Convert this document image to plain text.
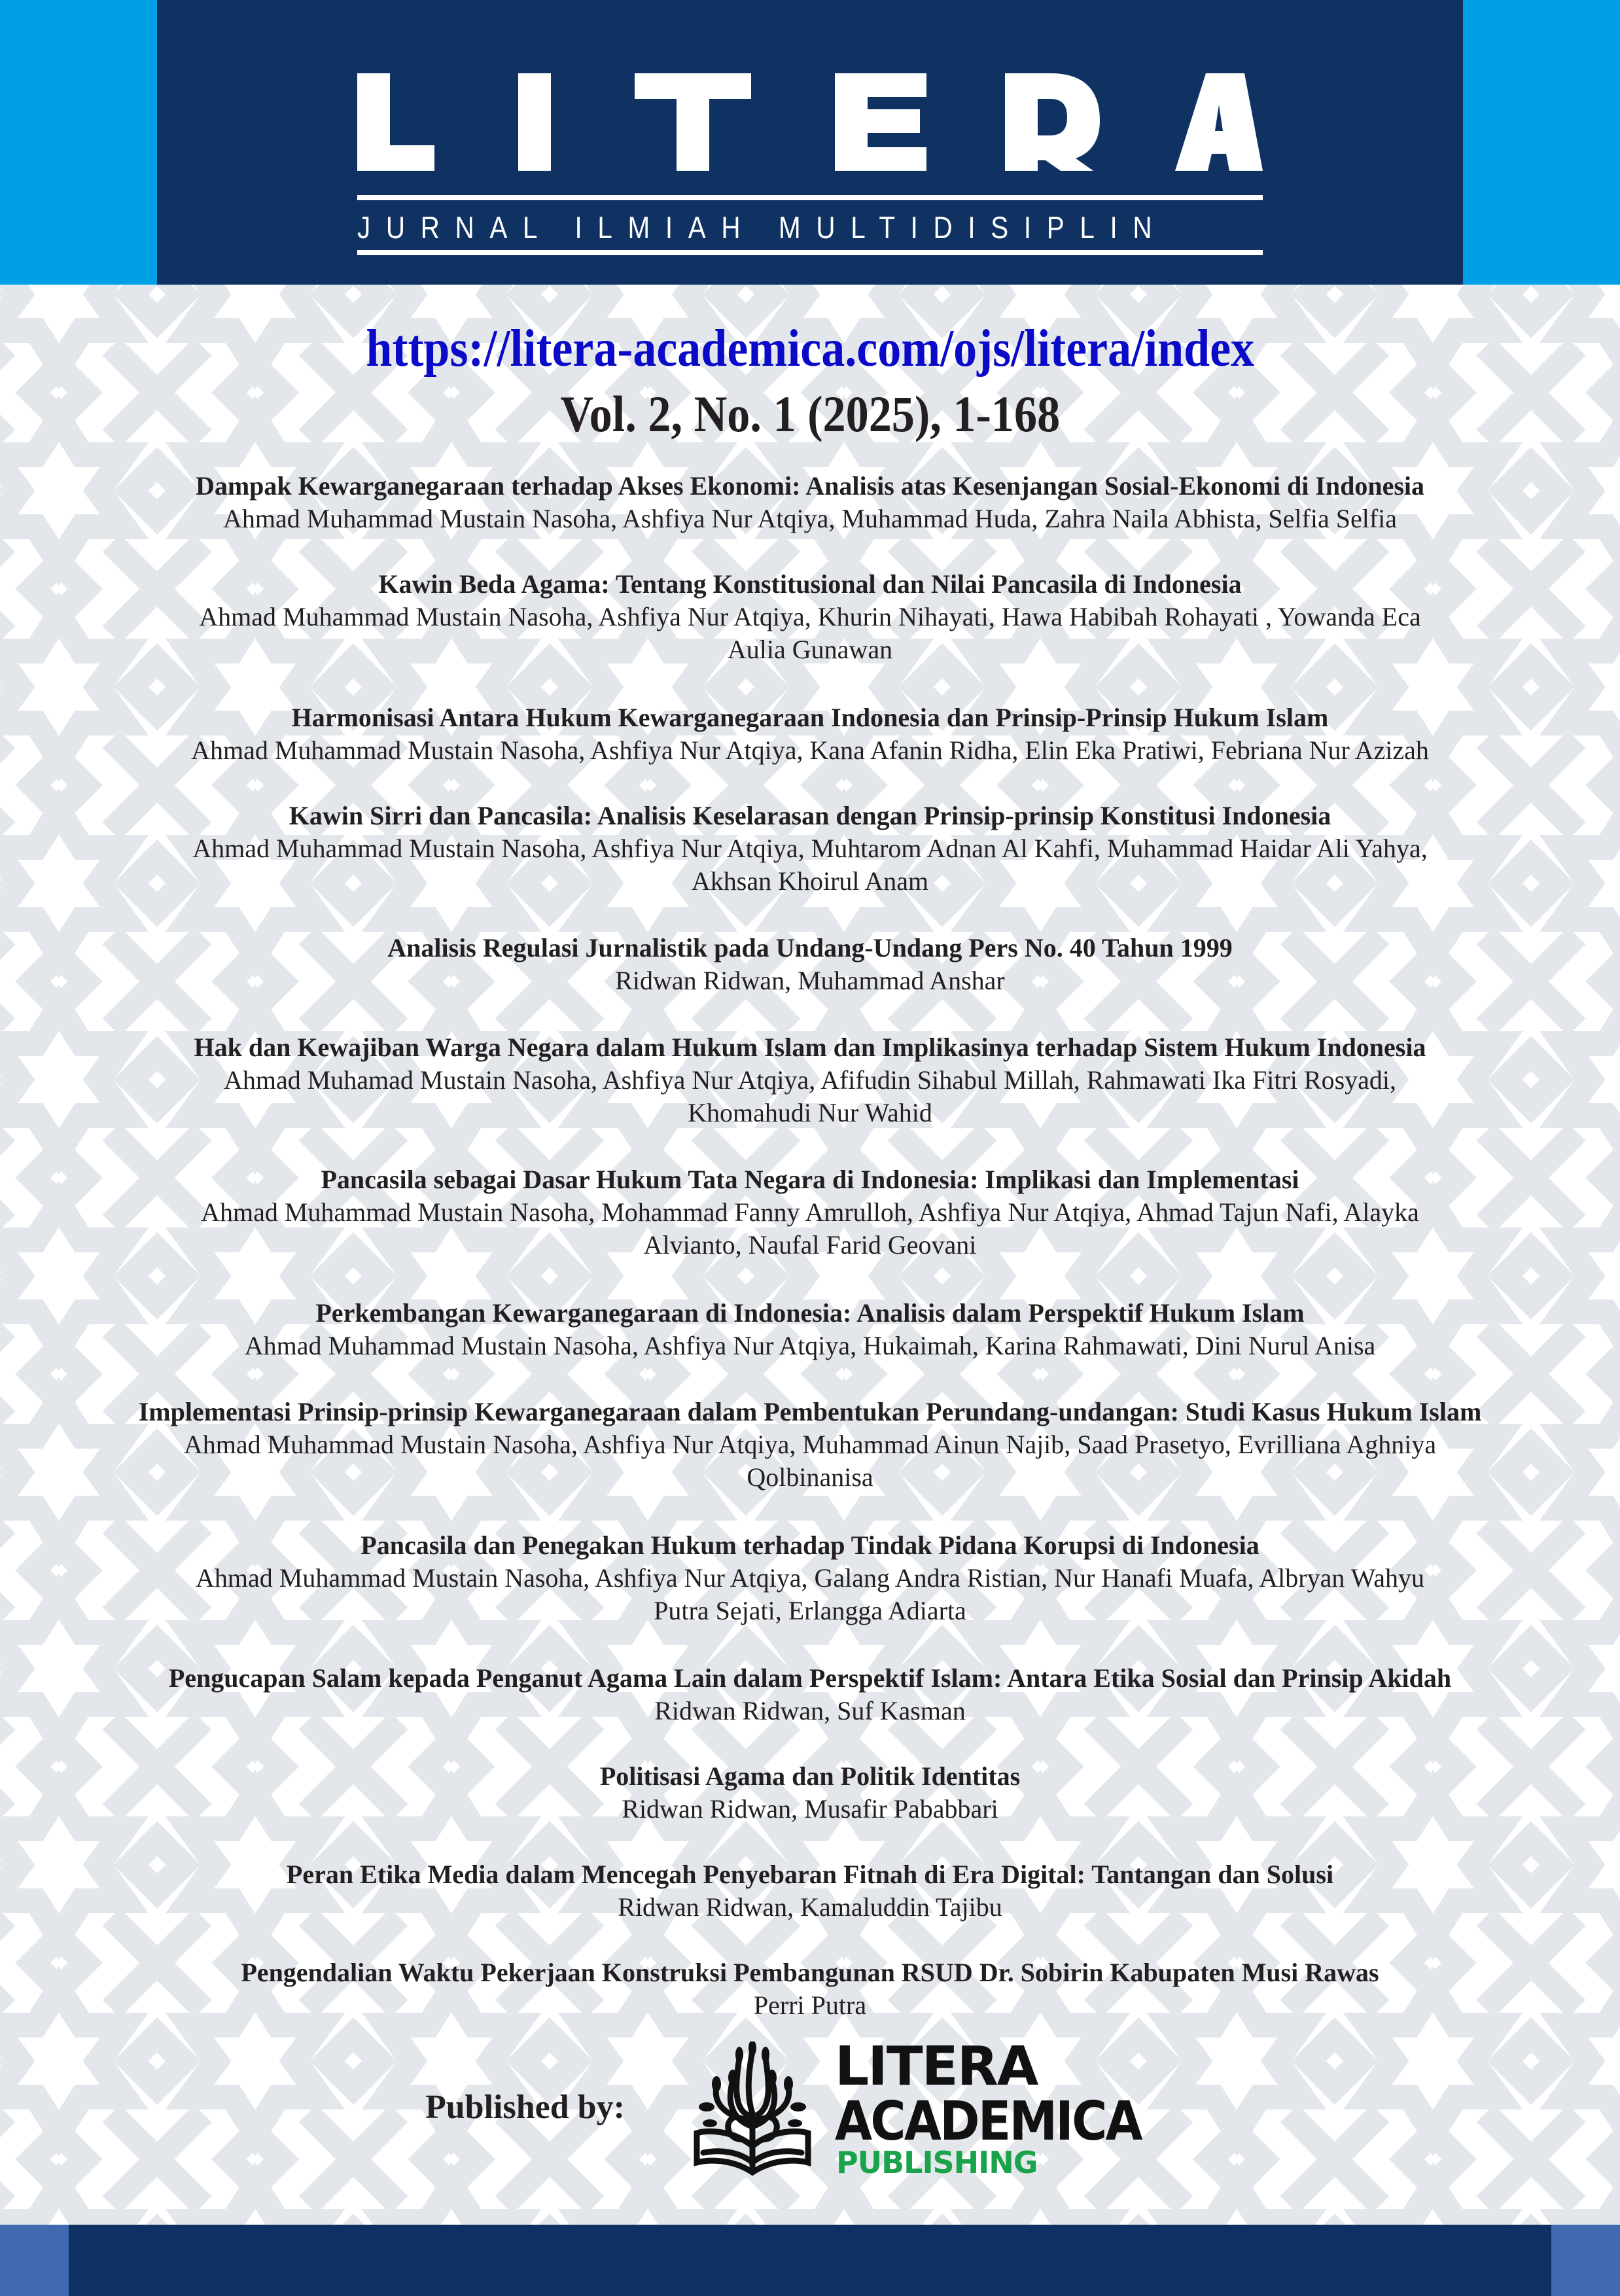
JURNAL ILMIAH MULTIDISIPLIN
https://litera-academica.com/ojs/litera/index
Vol. 2, No. 1 (2025), 1-168
Dampak Kewarganegaraan terhadap Akses Ekonomi: Analisis atas Kesenjangan Sosial-Ekonomi di Indonesia
Ahmad Muhammad Mustain Nasoha, Ashfiya Nur Atqiya, Muhammad Huda, Zahra Naila Abhista, Selfia Selfia
Kawin Beda Agama: Tentang Konstitusional dan Nilai Pancasila di Indonesia
Ahmad Muhammad Mustain Nasoha, Ashfiya Nur Atqiya, Khurin Nihayati, Hawa Habibah Rohayati , Yowanda Eca
Aulia Gunawan
Harmonisasi Antara Hukum Kewarganegaraan Indonesia dan Prinsip-Prinsip Hukum Islam
Ahmad Muhammad Mustain Nasoha, Ashfiya Nur Atqiya, Kana Afanin Ridha, Elin Eka Pratiwi, Febriana Nur Azizah
Kawin Sirri dan Pancasila: Analisis Keselarasan dengan Prinsip-prinsip Konstitusi Indonesia
Ahmad Muhammad Mustain Nasoha, Ashfiya Nur Atqiya, Muhtarom Adnan Al Kahfi, Muhammad Haidar Ali Yahya,
Akhsan Khoirul Anam
Analisis Regulasi Jurnalistik pada Undang-Undang Pers No. 40 Tahun 1999
Ridwan Ridwan, Muhammad Anshar
Hak dan Kewajiban Warga Negara dalam Hukum Islam dan Implikasinya terhadap Sistem Hukum Indonesia
Ahmad Muhamad Mustain Nasoha, Ashfiya Nur Atqiya, Afifudin Sihabul Millah, Rahmawati Ika Fitri Rosyadi,
Khomahudi Nur Wahid
Pancasila sebagai Dasar Hukum Tata Negara di Indonesia: Implikasi dan Implementasi
Ahmad Muhammad Mustain Nasoha, Mohammad Fanny Amrulloh, Ashfiya Nur Atqiya, Ahmad Tajun Nafi, Alayka
Alvianto, Naufal Farid Geovani
Perkembangan Kewarganegaraan di Indonesia: Analisis dalam Perspektif Hukum Islam
Ahmad Muhammad Mustain Nasoha, Ashfiya Nur Atqiya, Hukaimah, Karina Rahmawati, Dini Nurul Anisa
Implementasi Prinsip-prinsip Kewarganegaraan dalam Pembentukan Perundang-undangan: Studi Kasus Hukum Islam
Ahmad Muhammad Mustain Nasoha, Ashfiya Nur Atqiya, Muhammad Ainun Najib, Saad Prasetyo, Evrilliana Aghniya
Qolbinanisa
Pancasila dan Penegakan Hukum terhadap Tindak Pidana Korupsi di Indonesia
Ahmad Muhammad Mustain Nasoha, Ashfiya Nur Atqiya, Galang Andra Ristian, Nur Hanafi Muafa, Albryan Wahyu
Putra Sejati, Erlangga Adiarta
Pengucapan Salam kepada Penganut Agama Lain dalam Perspektif Islam: Antara Etika Sosial dan Prinsip Akidah
Ridwan Ridwan, Suf Kasman
Politisasi Agama dan Politik Identitas
Ridwan Ridwan, Musafir Pababbari
Peran Etika Media dalam Mencegah Penyebaran Fitnah di Era Digital: Tantangan dan Solusi
Ridwan Ridwan, Kamaluddin Tajibu
Pengendalian Waktu Pekerjaan Konstruksi Pembangunan RSUD Dr. Sobirin Kabupaten Musi Rawas
Perri Putra
Published by:
LITERA
ACADEMICA
PUBLISHING
